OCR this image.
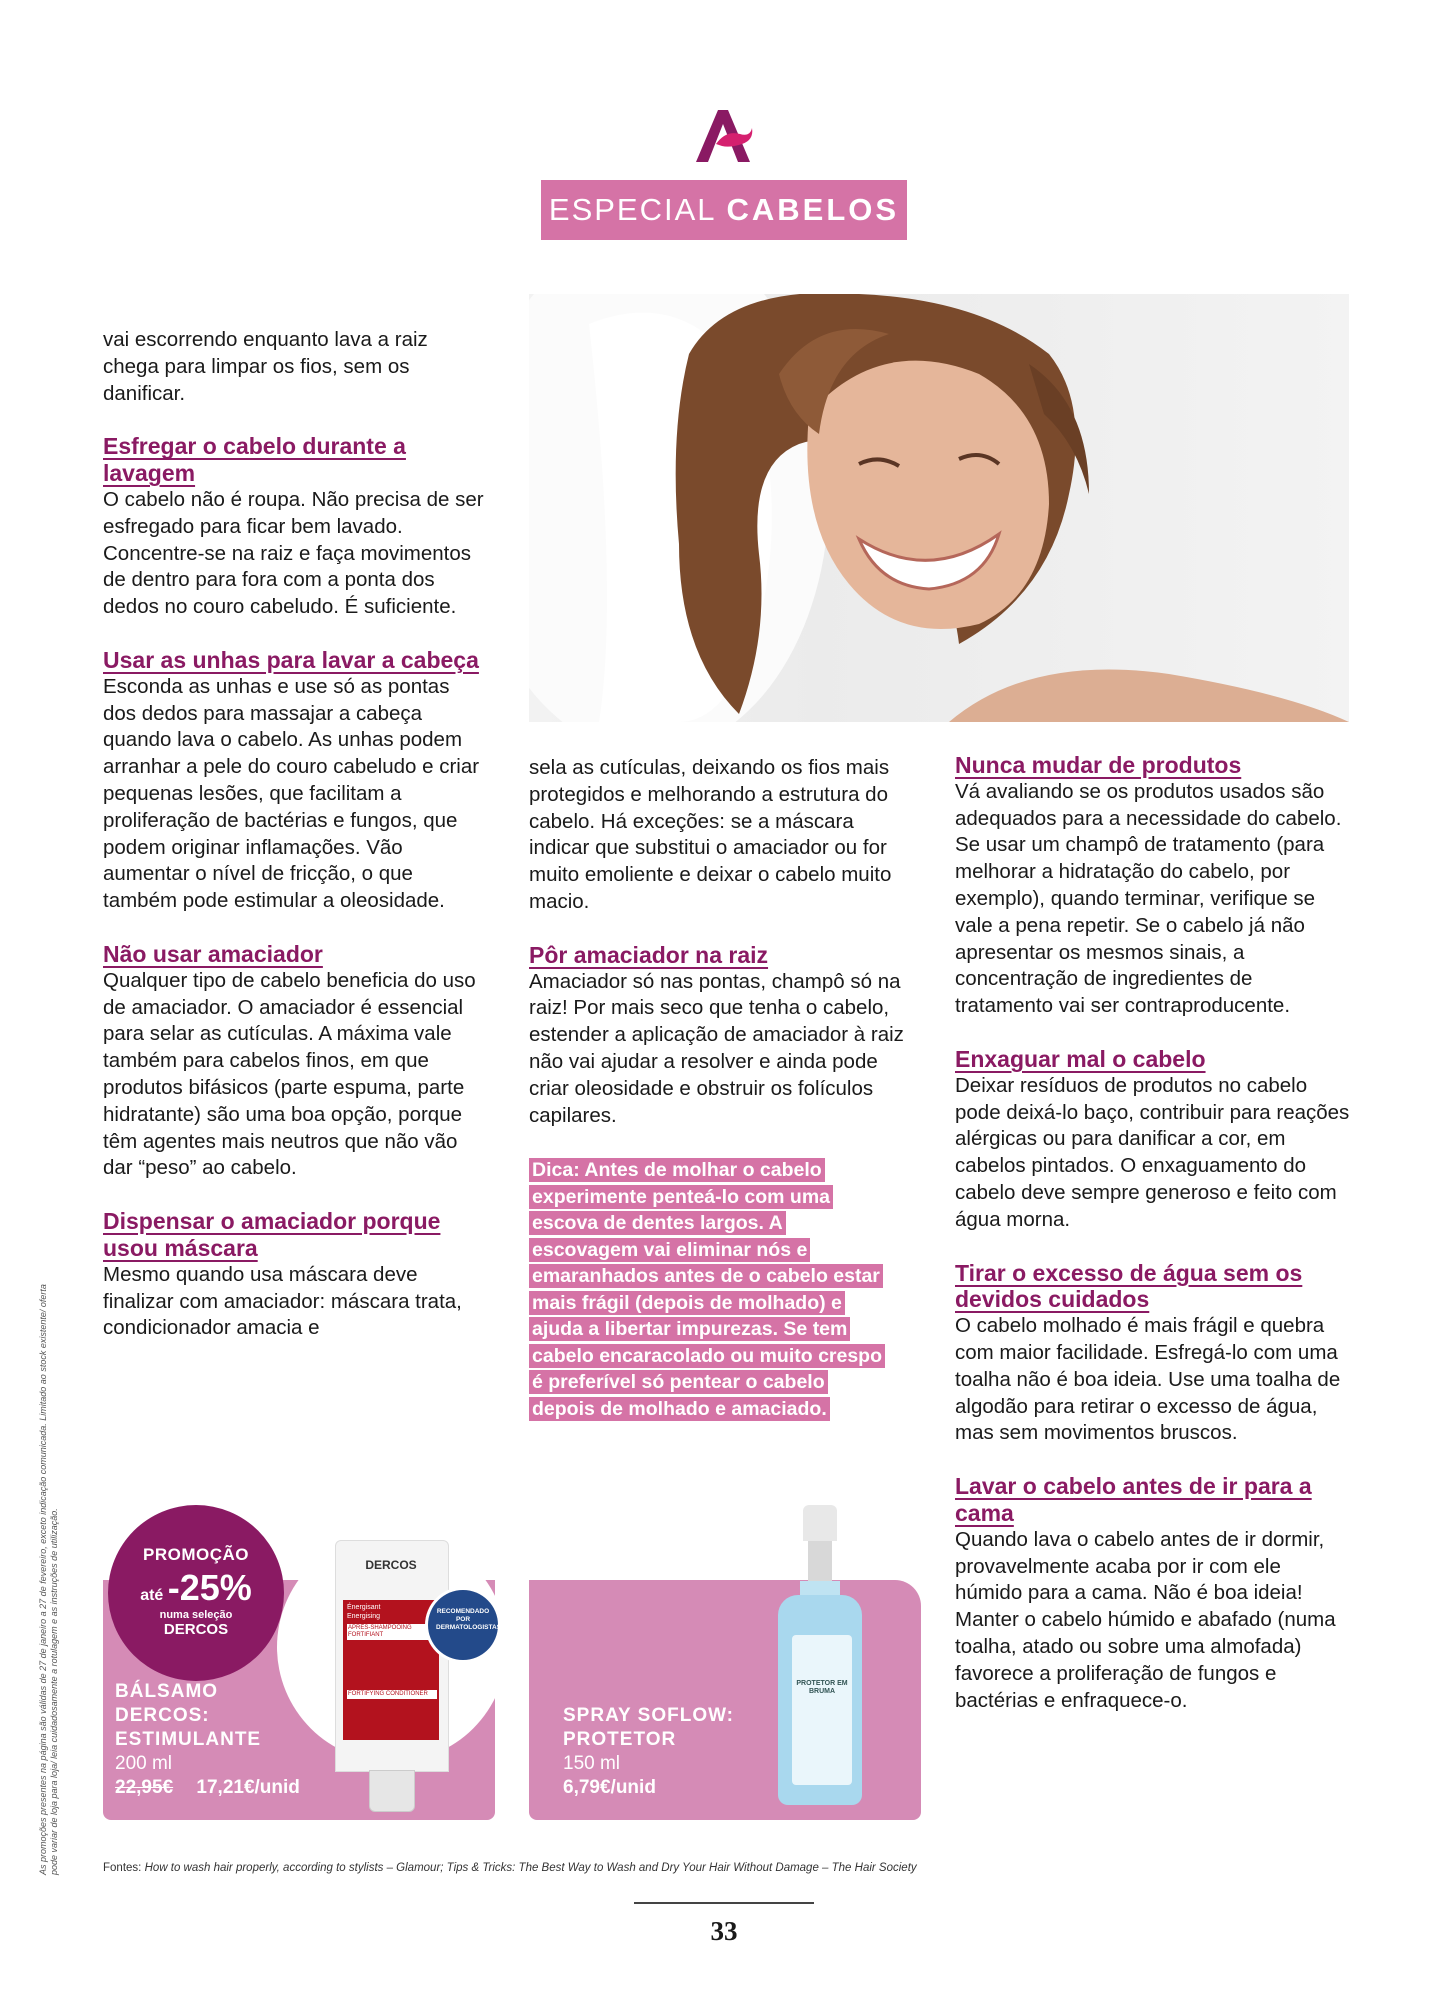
ESPECIAL CABELOS

vai escorrendo enquanto lava a raiz chega para limpar os fios, sem os danificar.

Esfregar o cabelo durante a lavagem

O cabelo não é roupa. Não precisa de ser esfregado para ficar bem lavado. Concentre-se na raiz e faça movimentos de dentro para fora com a ponta dos dedos no couro cabeludo. É suficiente.

Usar as unhas para lavar a cabeça

Esconda as unhas e use só as pontas dos dedos para massajar a cabeça quando lava o cabelo. As unhas podem arranhar a pele do couro cabeludo e criar pequenas lesões, que facilitam a proliferação de bactérias e fungos, que podem originar inflamações. Vão aumentar o nível de fricção, o que também pode estimular a oleosidade.

Não usar amaciador

Qualquer tipo de cabelo beneficia do uso de amaciador. O amaciador é essencial para selar as cutículas. A máxima vale também para cabelos finos, em que produtos bifásicos (parte espuma, parte hidratante) são uma boa opção, porque têm agentes mais neutros que não vão dar “peso” ao cabelo.

Dispensar o amaciador porque usou máscara

Mesmo quando usa máscara deve finalizar com amaciador: máscara trata, condicionador amacia e

sela as cutículas, deixando os fios mais protegidos e melhorando a estrutura do cabelo. Há exceções: se a máscara indicar que substitui o amaciador ou for muito emoliente e deixar o cabelo muito macio.

Pôr amaciador na raiz

Amaciador só nas pontas, champô só na raiz! Por mais seco que tenha o cabelo, estender a aplicação de amaciador à raiz não vai ajudar a resolver e ainda pode criar oleosidade e obstruir os folículos capilares.

Dica: Antes de molhar o cabelo experimente penteá-lo com uma escova de dentes largos. A escovagem vai eliminar nós e emaranhados antes de o cabelo estar mais frágil (depois de molhado) e ajuda a libertar impurezas. Se tem cabelo encaracolado ou muito crespo é preferível só pentear o cabelo depois de molhado e amaciado.
Nunca mudar de produtos

Vá avaliando se os produtos usados são adequados para a necessidade do cabelo. Se usar um champô de tratamento (para melhorar a hidratação do cabelo, por exemplo), quando terminar, verifique se vale a pena repetir. Se o cabelo já não apresentar os mesmos sinais, a concentração de ingredientes de tratamento vai ser contraproducente.

Enxaguar mal o cabelo

Deixar resíduos de produtos no cabelo pode deixá-lo baço, contribuir para reações alérgicas ou para danificar a cor, em cabelos pintados. O enxaguamento do cabelo deve sempre generoso e feito com água morna.

Tirar o excesso de água sem os devidos cuidados

O cabelo molhado é mais frágil e quebra com maior facilidade. Esfregá-lo com uma toalha não é boa ideia. Use uma toalha de algodão para retirar o excesso de água, mas sem movimentos bruscos.

Lavar o cabelo antes de ir para a cama

Quando lava o cabelo antes de ir dormir, provavelmente acaba por ir com ele húmido para a cama. Não é boa ideia! Manter o cabelo húmido e abafado (numa toalha, atado ou sobre uma almofada) favorece a proliferação de fungos e bactérias e enfraquece-o.

DERCOS
Énergisant
Energising
APRÈS-SHAMPOOING FORTIFIANT
FORTIFYING CONDITIONER
RECOMENDADO POR DERMATOLOGISTAS
PROMOÇÃO
até -25%
numa seleção
DERCOS
BÁLSAMO
DERCOS:
ESTIMULANTE
200 ml
22,95€ 17,21€/unid
SPRAY SOFLOW:
PROTETOR
150 ml
6,79€/unid
PROTETOR EM BRUMA
Fontes: How to wash hair properly, according to stylists – Glamour; Tips & Tricks: The Best Way to Wash and Dry Your Hair Without Damage – The Hair Society
33
As promoções presentes na página são válidas de 27 de janeiro a 27 de fevereiro, exceto indicação comunicada. Limitado ao stock existente/ oferta pode variar de loja para loja/ leia cuidadosamente a rotulagem e as instruções de utilização.
